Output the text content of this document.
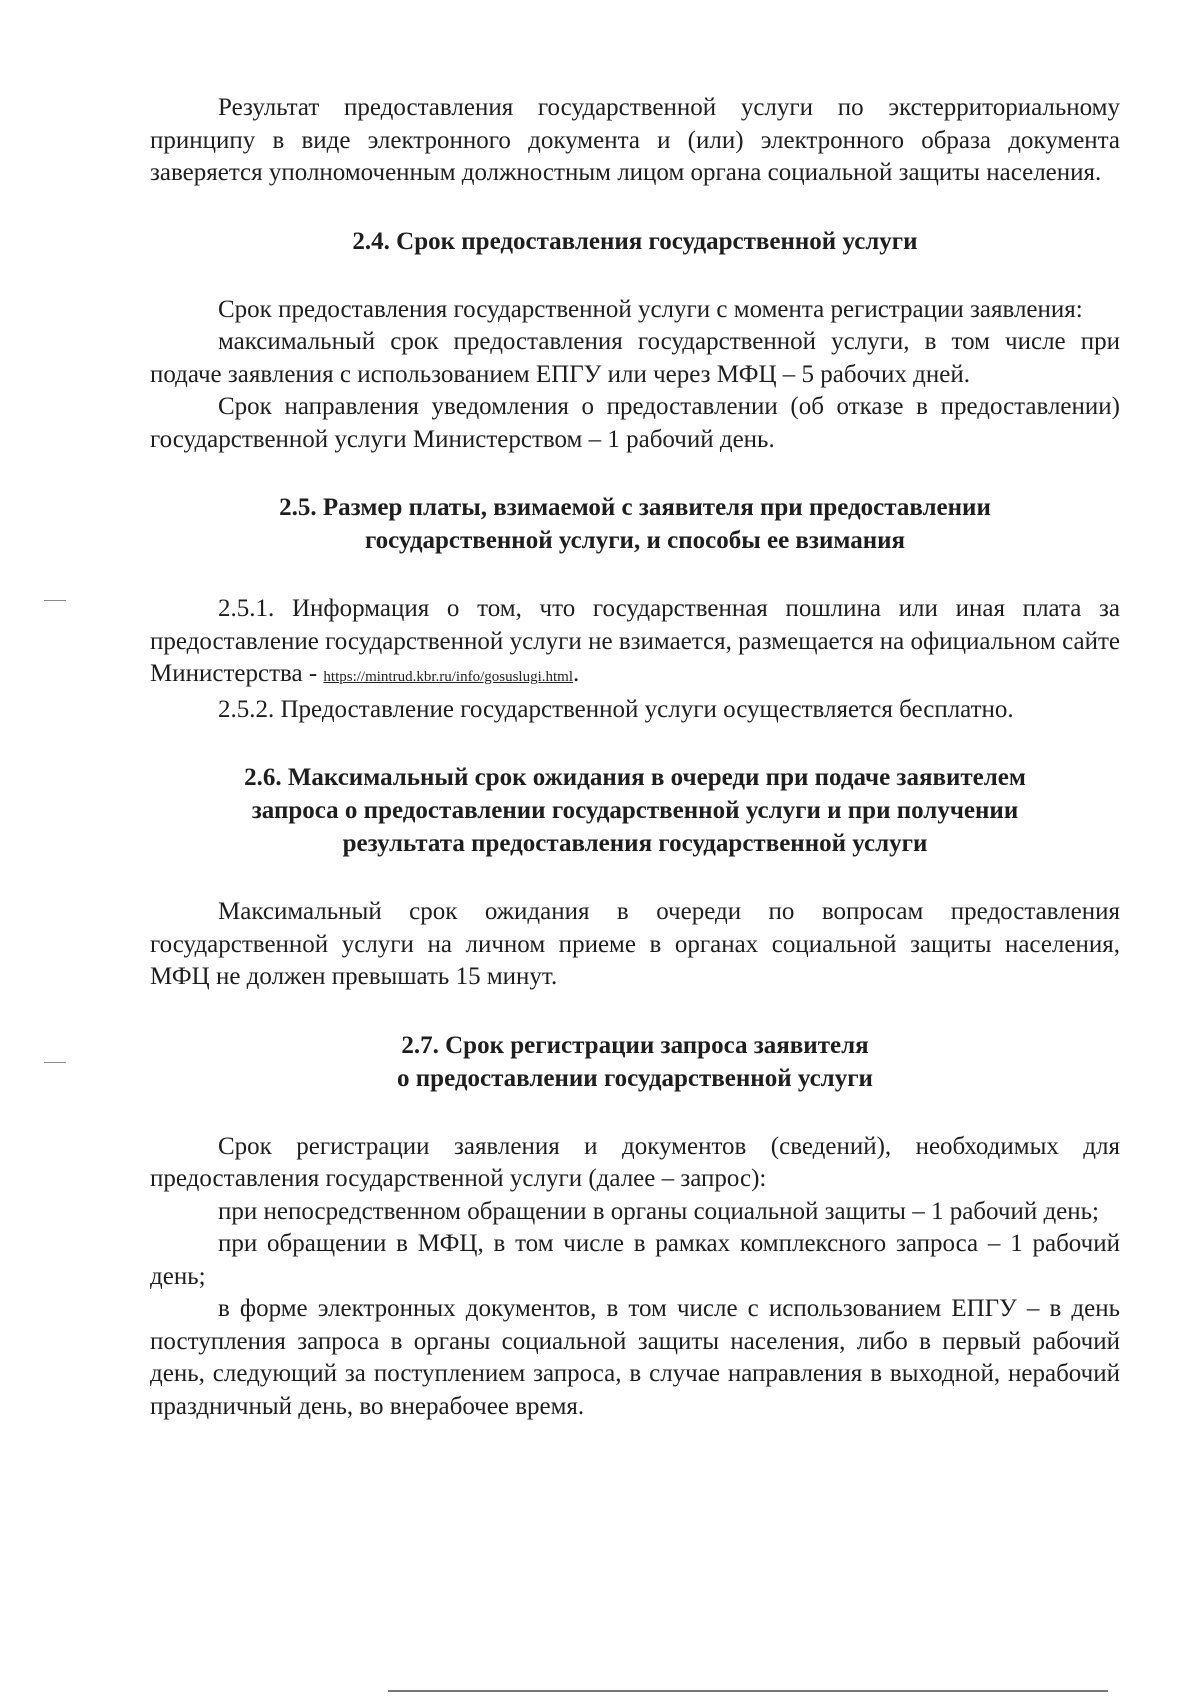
Результат предоставления государственной услуги по экстерриториальному принципу в виде электронного документа и (или) электронного образа документа заверяется уполномоченным должностным лицом органа социальной защиты населения.

2.4. Срок предоставления государственной услуги

Срок предоставления государственной услуги с момента регистрации заявления:

максимальный срок предоставления государственной услуги, в том числе при подаче заявления с использованием ЕПГУ или через МФЦ – 5 рабочих дней.

Срок направления уведомления о предоставлении (об отказе в предоставлении) государственной услуги Министерством – 1 рабочий день.

2.5. Размер платы, взимаемой с заявителя при предоставлении
государственной услуги, и способы ее взимания

2.5.1. Информация о том, что государственная пошлина или иная плата за предоставление государственной услуги не взимается, размещается на официальном сайте Министерства - https://mintrud.kbr.ru/info/gosuslugi.html.

2.5.2. Предоставление государственной услуги осуществляется бесплатно.

2.6. Максимальный срок ожидания в очереди при подаче заявителем
запроса о предоставлении государственной услуги и при получении
результата предоставления государственной услуги

Максимальный срок ожидания в очереди по вопросам предоставления государственной услуги на личном приеме в органах социальной защиты населения, МФЦ не должен превышать 15 минут.

2.7. Срок регистрации запроса заявителя
о предоставлении государственной услуги

Срок регистрации заявления и документов (сведений), необходимых для предоставления государственной услуги (далее – запрос):

при непосредственном обращении в органы социальной защиты – 1 рабочий день;

при обращении в МФЦ, в том числе в рамках комплексного запроса – 1 рабочий день;

в форме электронных документов, в том числе с использованием ЕПГУ – в день поступления запроса в органы социальной защиты населения, либо в первый рабочий день, следующий за поступлением запроса, в случае направления в выходной, нерабочий праздничный день, во внерабочее время.
